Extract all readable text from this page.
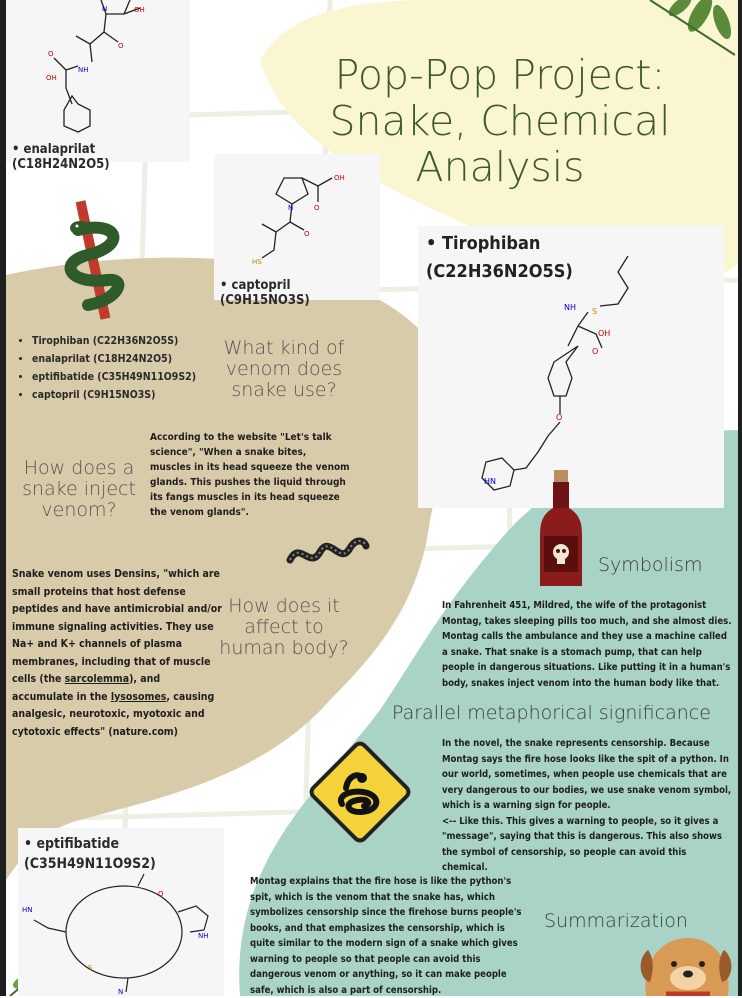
Pop-Pop Project:
Snake, Chemical
Analysis
OH
N
O
NH
O
OH
• enalaprilat (C18H24N2O5)
OH
O
N
O
HS
• captopril (C9H15NO3S)
• Tirophiban
(C22H36N2O5S)
S
NH
OH
O
O
HN
• Tirophiban (C22H36N2O5S)
• enalaprilat (C18H24N2O5)
• eptifibatide (C35H49N11O9S2)
• captopril (C9H15NO3S)
What kind of
venom does
snake use?
How does a
snake inject
venom?
According to the website "Let's talk science", "When a snake bites, muscles in its head squeeze the venom glands. This pushes the liquid through its fangs muscles in its head squeeze the venom glands".
How does it
affect to
human body?
Snake venom uses Densins, "which are small proteins that host defense peptides and have antimicrobial and/or immune signaling activities. They use Na+ and K+ channels of plasma membranes, including that of muscle cells (the sarcolemma), and accumulate in the lysosomes, causing analgesic, neurotoxic, myotoxic and cytotoxic effects" (nature.com)
Symbolism
In Fahrenheit 451, Mildred, the wife of the protagonist Montag, takes sleeping pills too much, and she almost dies. Montag calls the ambulance and they use a machine called a snake. That snake is a stomach pump, that can help people in dangerous situations. Like putting it in a human's body, snakes inject venom into the human body like that.
Parallel metaphorical significance
In the novel, the snake represents censorship. Because Montag says the fire hose looks like the spit of a python. In our world, sometimes, when people use chemicals that are very dangerous to our bodies, we use snake venom symbol, which is a warning sign for people.
<-- Like this. This gives a warning to people, so it gives a "message", saying that this is dangerous. This also shows the symbol of censorship, so people can avoid this chemical.
• eptifibatide
(C35H49N11O9S2)
HN
O
S
NH
N
Montag explains that the fire hose is like the python's spit, which is the venom that the snake has, which symbolizes censorship since the firehose burns people's books, and that emphasizes the censorship, which is quite similar to the modern sign of a snake which gives warning to people so that people can avoid this dangerous venom or anything, so it can make people safe, which is also a part of censorship.
Summarization
